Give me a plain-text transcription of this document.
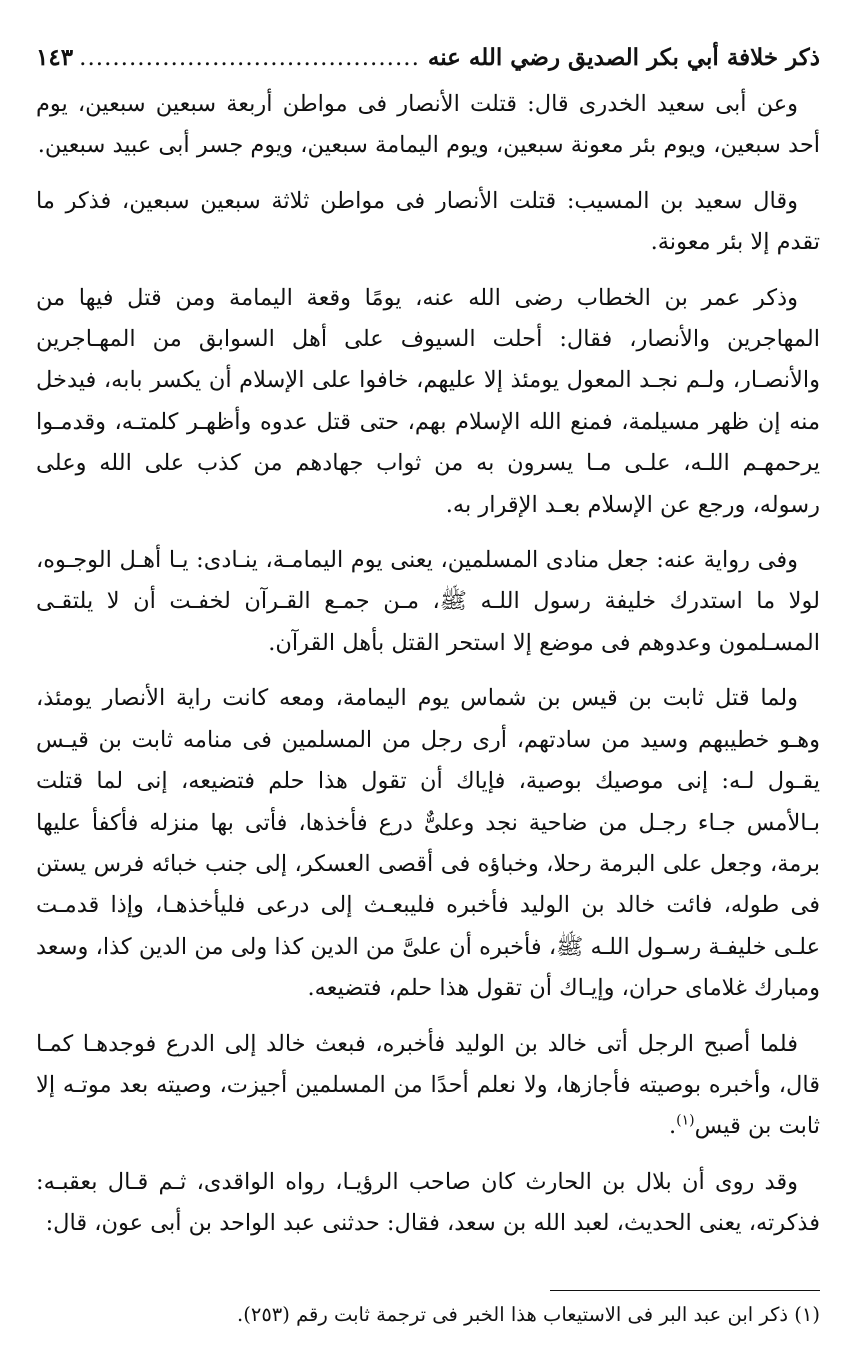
ذكر خلافة أبي بكر الصديق رضي الله عنه
.....
١٤٣

وعن أبى سعيد الخدرى قال: قتلت الأنصار فى مواطن أربعة سبعين سبعين، يوم أحد سبعين، ويوم بئر معونة سبعين، ويوم اليمامة سبعين، ويوم جسر أبى عبيد سبعين.

وقال سعيد بن المسيب: قتلت الأنصار فى مواطن ثلاثة سبعين سبعين، فذكر ما تقدم إلا بئر معونة.

وذكر عمر بن الخطاب رضى الله عنه، يومًا وقعة اليمامة ومن قتل فيها من المهاجرين والأنصار، فقال: أحلت السيوف على أهل السوابق من المهـاجرين والأنصـار، ولـم نجـد المعول يومئذ إلا عليهم، خافوا على الإسلام أن يكسر بابه، فيدخل منه إن ظهر مسيلمة، فمنع الله الإسلام بهم، حتى قتل عدوه وأظهـر كلمتـه، وقدمـوا يرحمهـم اللـه، علـى مـا يسرون به من ثواب جهادهم من كذب على الله وعلى رسوله، ورجع عن الإسلام بعـد الإقرار به.

وفى رواية عنه: جعل منادى المسلمين، يعنى يوم اليمامـة، ينـادى: يـا أهـل الوجـوه، لولا ما استدرك خليفة رسول اللـه ﷺ، مـن جمـع القـرآن لخفـت أن لا يلتقـى المسـلمون وعدوهم فى موضع إلا استحر القتل بأهل القرآن.

ولما قتل ثابت بن قيس بن شماس يوم اليمامة، ومعه كانت راية الأنصار يومئذ، وهـو خطيبهم وسيد من سادتهم، أرى رجل من المسلمين فى منامه ثابت بن قيـس يقـول لـه: إنى موصيك بوصية، فإياك أن تقول هذا حلم فتضيعه، إنى لما قتلت بـالأمس جـاء رجـل من ضاحية نجد وعلىٌّ درع فأخذها، فأتى بها منزله فأكفأ عليها برمة، وجعل على البرمة رحلا، وخباؤه فى أقصى العسكر، إلى جنب خبائه فرس يستن فى طوله، فائت خالد بن الوليد فأخبره فليبعـث إلى درعى فليأخذهـا، وإذا قدمـت علـى خليفـة رسـول اللـه ﷺ، فأخبره أن علىَّ من الدين كذا ولى من الدين كذا، وسعد ومبارك غلاماى حران، وإيـاك أن تقول هذا حلم، فتضيعه.

فلما أصبح الرجل أتى خالد بن الوليد فأخبره، فبعث خالد إلى الدرع فوجدهـا كمـا قال، وأخبره بوصيته فأجازها، ولا نعلم أحدًا من المسلمين أجيزت، وصيته بعد موتـه إلا ثابت بن قيس$^{(١)}$.

وقد روى أن بلال بن الحارث كان صاحب الرؤيـا، رواه الواقدى، ثـم قـال بعقبـه: فذكرته، يعنى الحديث، لعبد الله بن سعد، فقال: حدثنى عبد الواحد بن أبى عون، قال:

(١) ذكر ابن عبد البر فى الاستيعاب هذا الخبر فى ترجمة ثابت رقم (٢٥٣).
